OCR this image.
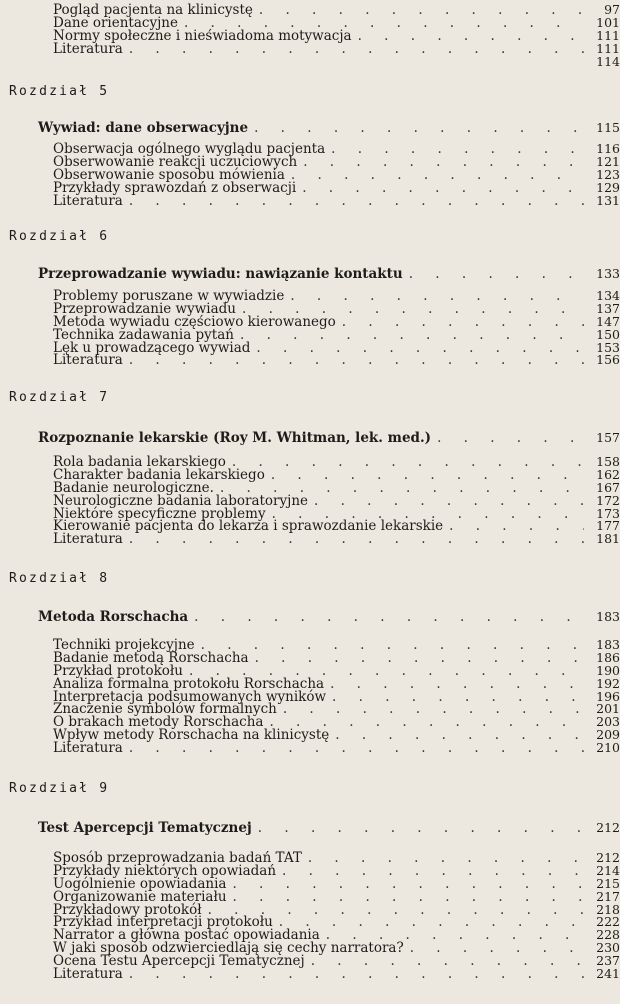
Pogląd pacjenta na klinicystę . . .	97
Dane orientacyjne . . .	101
Normy społeczne i nieświadoma motywacja . . .	111
Literatura . . .	111
114
Rozdział 5
Wywiad: dane obserwacyjne . . .	115
Obserwacja ogólnego wyglądu pacjenta . . .	116
Obserwowanie reakcji uczuciowych . . .	121
Obserwowanie sposobu mówienia . . .	123
Przykłady sprawozdań z obserwacji . . .	129
Literatura . . .	131
Rozdział 6
Przeprowadzanie wywiadu: nawiązanie kontaktu . . .	133
Problemy poruszane w wywiadzie . . .	134
Przeprowadzanie wywiadu . . .	137
Metoda wywiadu częściowo kierowanego . . .	147
Technika zadawania pytań . . .	150
Lęk u prowadzącego wywiad . . .	153
Literatura . . .	156
Rozdział 7
Rozpoznanie lekarskie (Roy M. Whitman, lek. med.) . . .	157
Rola badania lekarskiego . . .	158
Charakter badania lekarskiego . . .	162
Badanie neurologiczne. . . .	167
Neurologiczne badania laboratoryjne . . .	172
Niektóre specyficzne problemy . . .	173
Kierowanie pacjenta do lekarza i sprawozdanie lekarskie . . .	177
Literatura . . .	181
Rozdział 8
Metoda Rorschacha . . .	183
Techniki projekcyjne . . .	183
Badanie metodą Rorschacha . . .	186
Przykład protokołu . . .	190
Analiza formalna protokołu Rorschacha . . .	192
Interpretacja podsumowanych wyników . . .	196
Znaczenie symbolów formalnych . . .	201
O brakach metody Rorschacha . . .	203
Wpływ metody Rorschacha na klinicystę . . .	209
Literatura . . .	210
Rozdział 9
Test Apercepcji Tematycznej . . .	212
Sposób przeprowadzania badań TAT . . .	212
Przykłady niektórych opowiadań . . .	214
Uogólnienie opowiadania . . .	215
Organizowanie materiału . . .	217
Przykładowy protokół . . .	218
Przykład interpretacji protokołu . . .	222
Narrator a główna postać opowiadania . . .	228
W jaki sposób odzwierciedlają się cechy narratora? . . .	230
Ocena Testu Apercepcji Tematycznej . . .	237
Literatura . . .	241
